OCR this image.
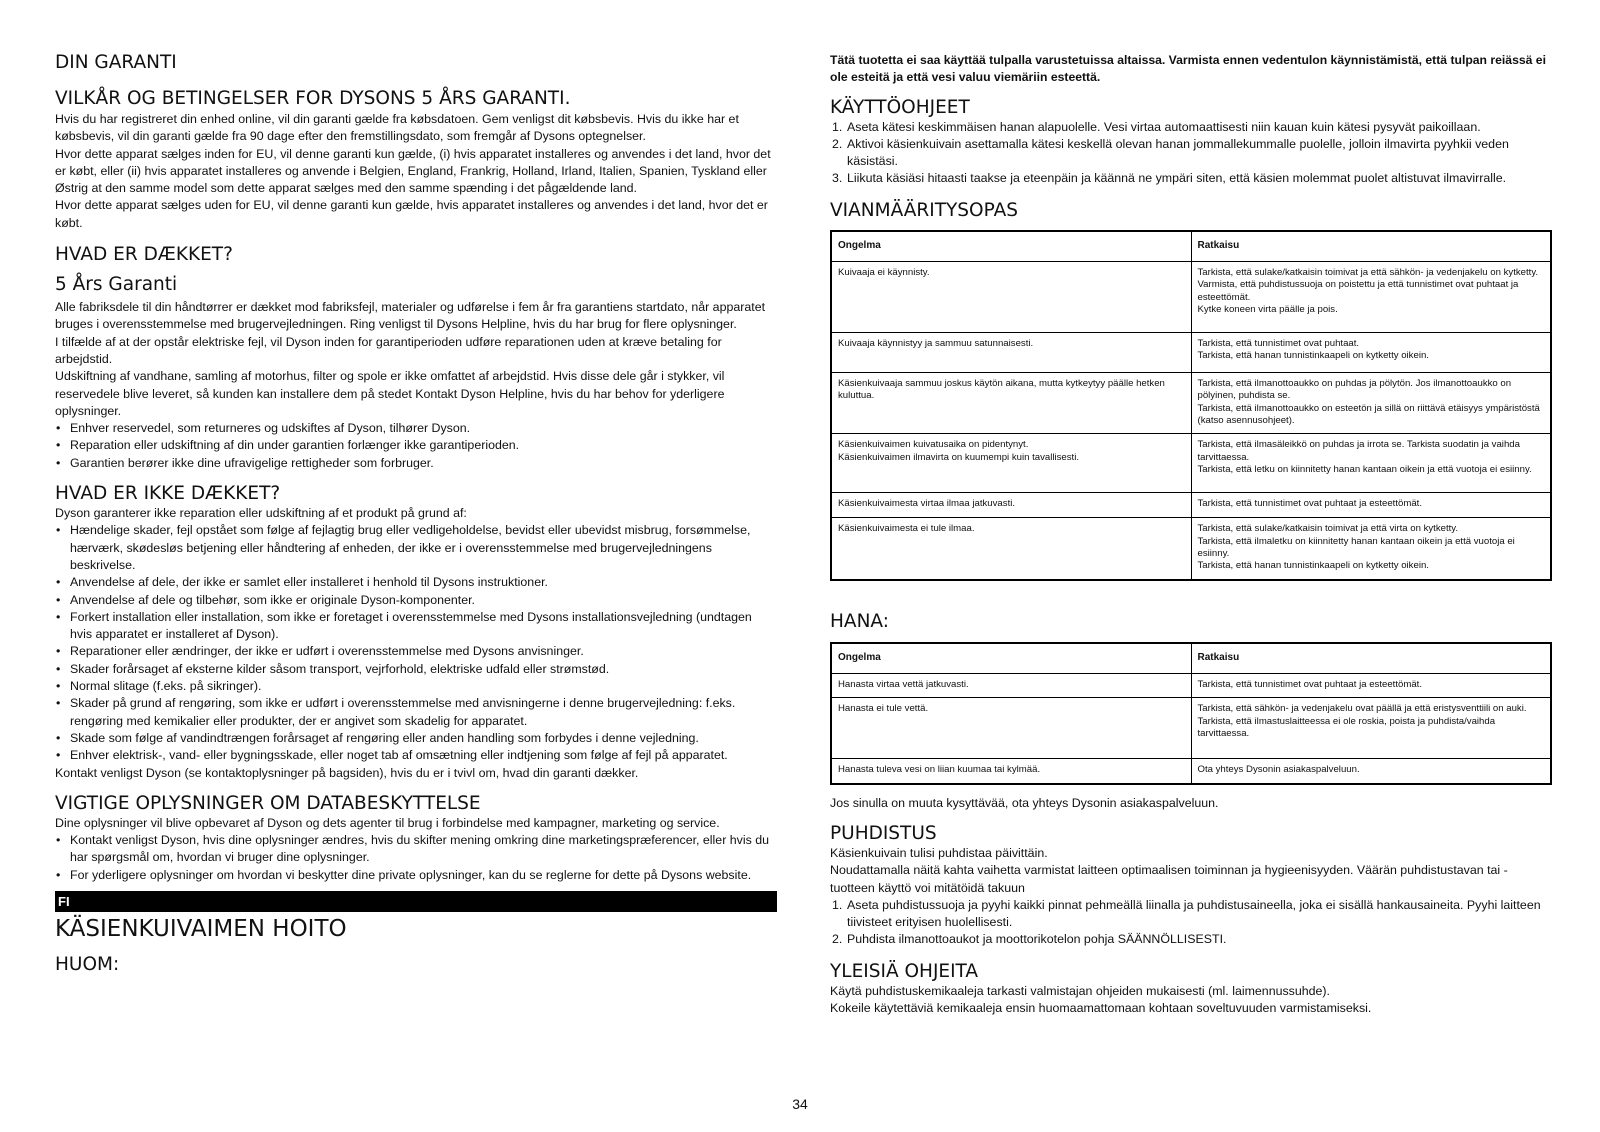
DIN GARANTI
VILKÅR OG BETINGELSER FOR DYSONS 5 ÅRS GARANTI.

Hvis du har registreret din enhed online, vil din garanti gælde fra købsdatoen. Gem venligst dit købsbevis. Hvis du ikke har et købsbevis, vil din garanti gælde fra 90 dage efter den fremstillingsdato, som fremgår af Dysons optegnelser.

Hvor dette apparat sælges inden for EU, vil denne garanti kun gælde, (i) hvis apparatet installeres og anvendes i det land, hvor det er købt, eller (ii) hvis apparatet installeres og anvende i Belgien, England, Frankrig, Holland, Irland, Italien, Spanien, Tyskland eller Østrig at den samme model som dette apparat sælges med den samme spænding i det pågældende land.

Hvor dette apparat sælges uden for EU, vil denne garanti kun gælde, hvis apparatet installeres og anvendes i det land, hvor det er købt.

HVAD ER DÆKKET?
5 Års Garanti

Alle fabriksdele til din håndtørrer er dækket mod fabriksfejl, materialer og udførelse i fem år fra garantiens startdato, når apparatet bruges i overensstemmelse med brugervejledningen. Ring venligst til Dysons Helpline, hvis du har brug for flere oplysninger.

I tilfælde af at der opstår elektriske fejl, vil Dyson inden for garantiperioden udføre reparationen uden at kræve betaling for arbejdstid.

Udskiftning af vandhane, samling af motorhus, filter og spole er ikke omfattet af arbejdstid. Hvis disse dele går i stykker, vil reservedele blive leveret, så kunden kan installere dem på stedet Kontakt Dyson Helpline, hvis du har behov for yderligere oplysninger.

• Enhver reservedel, som returneres og udskiftes af Dyson, tilhører Dyson.
• Reparation eller udskiftning af din under garantien forlænger ikke garantiperioden.
• Garantien berører ikke dine ufravigelige rettigheder som forbruger.
HVAD ER IKKE DÆKKET?

Dyson garanterer ikke reparation eller udskiftning af et produkt på grund af:

• Hændelige skader, fejl opstået som følge af fejlagtig brug eller vedligeholdelse, bevidst eller ubevidst misbrug, forsømmelse, hærværk, skødesløs betjening eller håndtering af enheden, der ikke er i overensstemmelse med brugervejledningens beskrivelse.
• Anvendelse af dele, der ikke er samlet eller installeret i henhold til Dysons instruktioner.
• Anvendelse af dele og tilbehør, som ikke er originale Dyson-komponenter.
• Forkert installation eller installation, som ikke er foretaget i overensstemmelse med Dysons installationsvejledning (undtagen hvis apparatet er installeret af Dyson).
• Reparationer eller ændringer, der ikke er udført i overensstemmelse med Dysons anvisninger.
• Skader forårsaget af eksterne kilder såsom transport, vejrforhold, elektriske udfald eller strømstød.
• Normal slitage (f.eks. på sikringer).
• Skader på grund af rengøring, som ikke er udført i overensstemmelse med anvisningerne i denne brugervejledning: f.eks. rengøring med kemikalier eller produkter, der er angivet som skadelig for apparatet.
• Skade som følge af vandindtrængen forårsaget af rengøring eller anden handling som forbydes i denne vejledning.
• Enhver elektrisk-, vand- eller bygningsskade, eller noget tab af omsætning eller indtjening som følge af fejl på apparatet.

Kontakt venligst Dyson (se kontaktoplysninger på bagsiden), hvis du er i tvivl om, hvad din garanti dækker.

VIGTIGE OPLYSNINGER OM DATABESKYTTELSE

Dine oplysninger vil blive opbevaret af Dyson og dets agenter til brug i forbindelse med kampagner, marketing og service.

• Kontakt venligst Dyson, hvis dine oplysninger ændres, hvis du skifter mening omkring dine marketingspræferencer, eller hvis du har spørgsmål om, hvordan vi bruger dine oplysninger.
• For yderligere oplysninger om hvordan vi beskytter dine private oplysninger, kan du se reglerne for dette på Dysons website.
FI
KÄSIENKUIVAIMEN HOITO
HUOM:

Tätä tuotetta ei saa käyttää tulpalla varustetuissa altaissa. Varmista ennen vedentulon käynnistämistä, että tulpan reiässä ei ole esteitä ja että vesi valuu viemäriin esteettä.

KÄYTTÖOHJEET
1. Aseta kätesi keskimmäisen hanan alapuolelle. Vesi virtaa automaattisesti niin kauan kuin kätesi pysyvät paikoillaan.
2. Aktivoi käsienkuivain asettamalla kätesi keskellä olevan hanan jommallekummalle puolelle, jolloin ilmavirta pyyhkii veden käsistäsi.
3. Liikuta käsiäsi hitaasti taakse ja eteenpäin ja käännä ne ympäri siten, että käsien molemmat puolet altistuvat ilmavirralle.
VIANMÄÄRITYSOPAS
Ongelma	Ratkaisu
Kuivaaja ei käynnisty.	Tarkista, että sulake/katkaisin toimivat ja että sähkön- ja vedenjakelu on kytketty.
Varmista, että puhdistussuoja on poistettu ja että tunnistimet ovat puhtaat ja esteettömät.
Kytke koneen virta päälle ja pois.

Kuivaaja käynnistyy ja sammuu satunnaisesti.	Tarkista, että tunnistimet ovat puhtaat.
Tarkista, että hanan tunnistinkaapeli on kytketty oikein.

Käsienkuivaaja sammuu joskus käytön aikana, mutta kytkeytyy päälle hetken kuluttua.	Tarkista, että ilmanottoaukko on puhdas ja pölytön. Jos ilmanottoaukko on pölyinen, puhdista se.
Tarkista, että ilmanottoaukko on esteetön ja sillä on riittävä etäisyys ympäristöstä (katso asennusohjeet).

Käsienkuivaimen kuivatusaika on pidentynyt.
Käsienkuivaimen ilmavirta on kuumempi kuin tavallisesti.	Tarkista, että ilmasäleikkö on puhdas ja irrota se. Tarkista suodatin ja vaihda tarvittaessa.
Tarkista, että letku on kiinnitetty hanan kantaan oikein ja että vuotoja ei esiinny.

Käsienkuivaimesta virtaa ilmaa jatkuvasti.	Tarkista, että tunnistimet ovat puhtaat ja esteettömät.

Käsienkuivaimesta ei tule ilmaa.	Tarkista, että sulake/katkaisin toimivat ja että virta on kytketty.
Tarkista, että ilmaletku on kiinnitetty hanan kantaan oikein ja että vuotoja ei esiinny.
Tarkista, että hanan tunnistinkaapeli on kytketty oikein.
HANA:
Ongelma	Ratkaisu
Hanasta virtaa vettä jatkuvasti.	Tarkista, että tunnistimet ovat puhtaat ja esteettömät.

Hanasta ei tule vettä.	Tarkista, että sähkön- ja vedenjakelu ovat päällä ja että eristysventtiili on auki.
Tarkista, että ilmastuslaitteessa ei ole roskia, poista ja puhdista/vaihda tarvittaessa.

Hanasta tuleva vesi on liian kuumaa tai kylmää.	Ota yhteys Dysonin asiakaspalveluun.

Jos sinulla on muuta kysyttävää, ota yhteys Dysonin asiakaspalveluun.

PUHDISTUS

Käsienkuivain tulisi puhdistaa päivittäin.

Noudattamalla näitä kahta vaihetta varmistat laitteen optimaalisen toiminnan ja hygieenisyyden. Väärän puhdistustavan tai -tuotteen käyttö voi mitätöidä takuun

1. Aseta puhdistussuoja ja pyyhi kaikki pinnat pehmeällä liinalla ja puhdistusaineella, joka ei sisällä hankausaineita. Pyyhi laitteen tiivisteet erityisen huolellisesti.
2. Puhdista ilmanottoaukot ja moottorikotelon pohja SÄÄNNÖLLISESTI.
YLEISIÄ OHJEITA

Käytä puhdistuskemikaaleja tarkasti valmistajan ohjeiden mukaisesti (ml. laimennussuhde).

Kokeile käytettäviä kemikaaleja ensin huomaamattomaan kohtaan soveltuvuuden varmistamiseksi.

34
